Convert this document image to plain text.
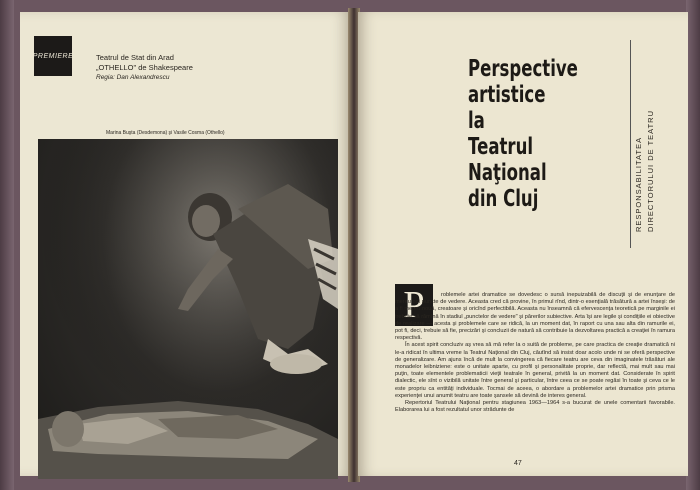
PREMIERE	Teatrul de Stat din Arad
„OTHELLO" de Shakespeare
Regia: Dan Alexandrescu
Marina Buşta (Desdemona) şi Vasile Cosma (Othello)
Perspective
artistice
la
Teatrul
Naţional
din Cluj	RESPONSABILITATEA DIRECTORULUI DE TEATRU
P	roblemele artei dramatice se dovedesc o sursă inepuizabilă de discuţii şi de enunţare de mereu noi puncte de vedere. Aceasta cred că provine, în primul rînd, dintr-o esenţială trăsătură a artei înseşi: de a fi mereu nouă, creatoare şi oricînd perfectibilă. Aceasta nu înseamnă că efervescenţa teoretică pe marginile ei trebuie să rămînă în stadiul „punctelor de vedere" şi părerilor subiective. Arta îşi are legile şi condiţiile ei obiective de realizare — acesta şi problemele care se ridică, la un moment dat, în raport cu una sau alta din ramurile ei, pot fi, deci, trebuie să fie, precizări şi concluzii de natură să contribuie la dezvoltarea practică a creaţiei în ramura respectivă.

În acest spirit concluziv aş vrea să mă refer la o suită de probleme, pe care practica de creaţie dramatică ni le-a ridicat în ultima vreme la Teatrul Naţional din Cluj, căutînd să insist doar acolo unde ni se oferă perspective de generalizare. Am ajuns încă de mult la convingerea că fiecare teatru are ceva din imaginatele trăsături ale monadelor leibniziene: este o unitate aparte, cu profil şi personalitate proprie, dar reflectă, mai mult sau mai puţin, toate elementele problematicii vieţii teatrale în general, privită la un moment dat. Considerate în spirit dialectic, ele sînt o vizibilă unitate între general şi particular, între ceea ce se poate regăsi în toate şi ceva ce le este propriu ca entităţi individuale. Tocmai de aceea, o abordare a problemelor artei dramatice prin prisma experienţei unui anumit teatru are toate şansele să devină de interes general.

Repertoriul Teatrului Naţional pentru stagiunea 1963—1964 s-a bucurat de unele comentarii favorabile. Elaborarea lui a fost rezultatul unor strădunte de

47
